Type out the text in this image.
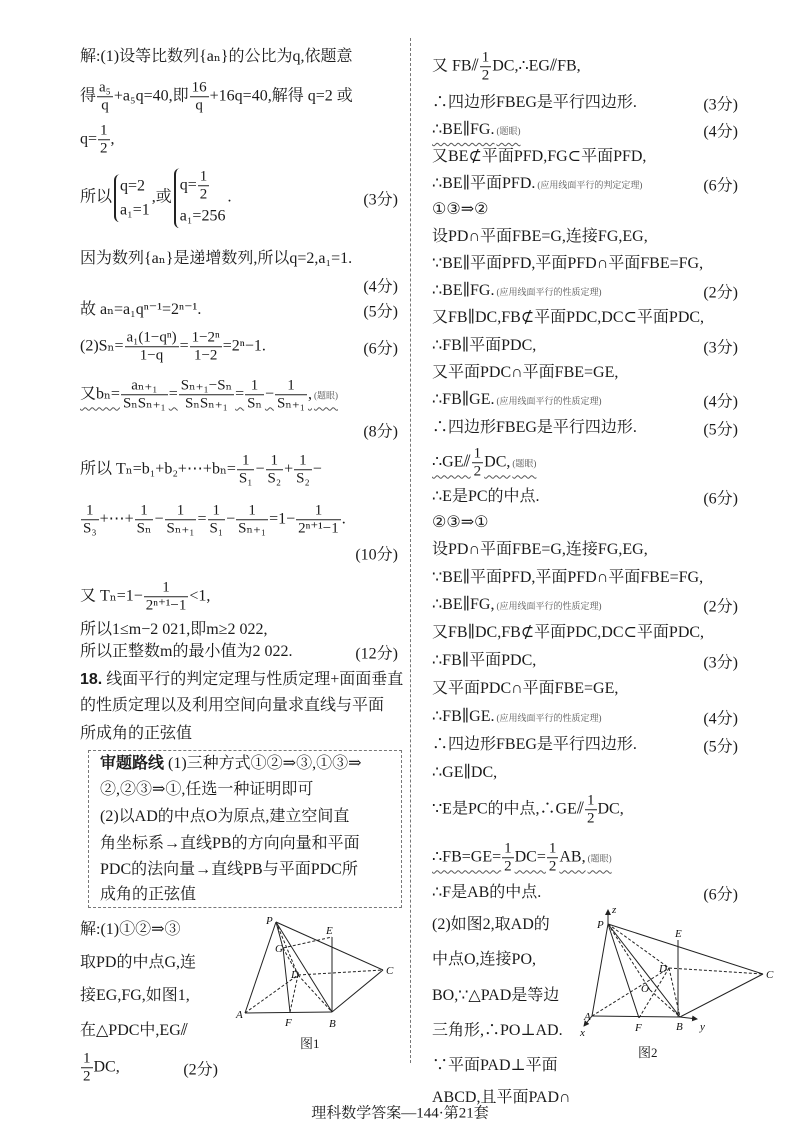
P
E
C
G
D
A
F	B
图1
P
E
C
D
O
A
F	B
x	y
z
图2
理科数学答案—144·第21套
解:(1)设等比数列{aₙ}的公比为q,依题意
得 $\frac{\text{a₅}}{q} +a_5q=40$,即 $\frac{16}{q} +16q=40$,解得 q=2 或
$q= \frac{1}{2}$ ,
所以
q=2
a₁=1
,或
$q= \frac{1}{2}$
a₁=256
.	(3分)
因为数列{aₙ}是递增数列,所以q=2,a₁=1.
(4分)
故 aₙ=a₁qⁿ⁻¹=2ⁿ⁻¹.	(5分)
$(2)S_n= \frac{\text{a₁(1−qⁿ)}}{1-q} = \frac{\text{1−2ⁿ}}{1-2} =2^n-1$.	(6分)
又bₙ=
aₙ₊₁
SₙSₙ₊₁
=
Sₙ₊₁−Sₙ
SₙSₙ₊₁
= $\frac{1}{\text{Sₙ}} - \frac{1}{\text{Sₙ₊₁}}$ , (题眼)
(8分)
所以 Tₙ=b₁+b₂+⋯+bₙ= $\frac{1}{\text{S₁}} - \frac{1}{\text{S₂}} + \frac{1}{\text{S₂}}$ −
$\frac{1}{\text{S₃}}$ +⋯+ $\frac{1}{\text{Sₙ}} - \frac{1}{\text{Sₙ₊₁}} = \frac{1}{\text{S₁}} - \frac{1}{\text{Sₙ₊₁}} =1- \frac{1}{\text{2ⁿ⁺¹−1}}$ .
(10分)
又 $T_n=1- \frac{1}{\text{2ⁿ⁺¹−1}} <1$,
所以1≤m−2 021,即m≥2 022,
所以正整数m的最小值为2 022.	(12分)
18. 线面平行的判定定理与性质定理+面面垂直
的性质定理以及利用空间向量求直线与平面
所成角的正弦值
解:(1)①②⇒③
取PD的中点G,连
接EG,FG,如图1,
在△PDC中,EG⫽
$\frac{1}{2}$ DC,	(2分)
审题路线 (1)三种方式①②⇒③,①③⇒
②,②③⇒①,任选一种证明即可
(2)以AD的中点O为原点,建立空间直
角坐标系→直线PB的方向向量和平面
PDC的法向量→直线PB与平面PDC所
成角的正弦值
又 FB⫽ $\frac{1}{2}$ DC,∴EG⫽FB,
∴四边形FBEG是平行四边形.	(3分)
∴BE∥FG. (题眼)	(4分)
又BE⊄平面PFD,FG⊂平面PFD,
∴BE∥平面PFD. (应用线面平行的判定定理)	(6分)
①③⇒②
设PD∩平面FBE=G,连接FG,EG,
∵BE∥平面PFD,平面PFD∩平面FBE=FG,
∴BE∥FG. (应用线面平行的性质定理)	(2分)
又FB∥DC,FB⊄平面PDC,DC⊂平面PDC,
∴FB∥平面PDC,	(3分)
又平面PDC∩平面FBE=GE,
∴FB∥GE. (应用线面平行的性质定理)	(4分)
∴四边形FBEG是平行四边形.	(5分)
∴GE⫽ $\frac{1}{2}$ DC, (题眼)
∴E是PC的中点.	(6分)
②③⇒①
设PD∩平面FBE=G,连接FG,EG,
∵BE∥平面PFD,平面PFD∩平面FBE=FG,
∴BE∥FG, (应用线面平行的性质定理)	(2分)
又FB∥DC,FB⊄平面PDC,DC⊂平面PDC,
∴FB∥平面PDC,	(3分)
又平面PDC∩平面FBE=GE,
∴FB∥GE. (应用线面平行的性质定理)	(4分)
∴四边形FBEG是平行四边形.	(5分)
∴GE∥DC,
∵E是PC的中点,∴GE⫽ $\frac{1}{2}$ DC,
∴FB=GE= $\frac{1}{2} DC= \frac{1}{2}$ AB, (题眼)
∴F是AB的中点.	(6分)
(2)如图2,取AD的
中点O,连接PO,
BO,∵△PAD是等边
三角形,∴PO⊥AD.
∵平面PAD⊥平面
ABCD,且平面PAD∩
